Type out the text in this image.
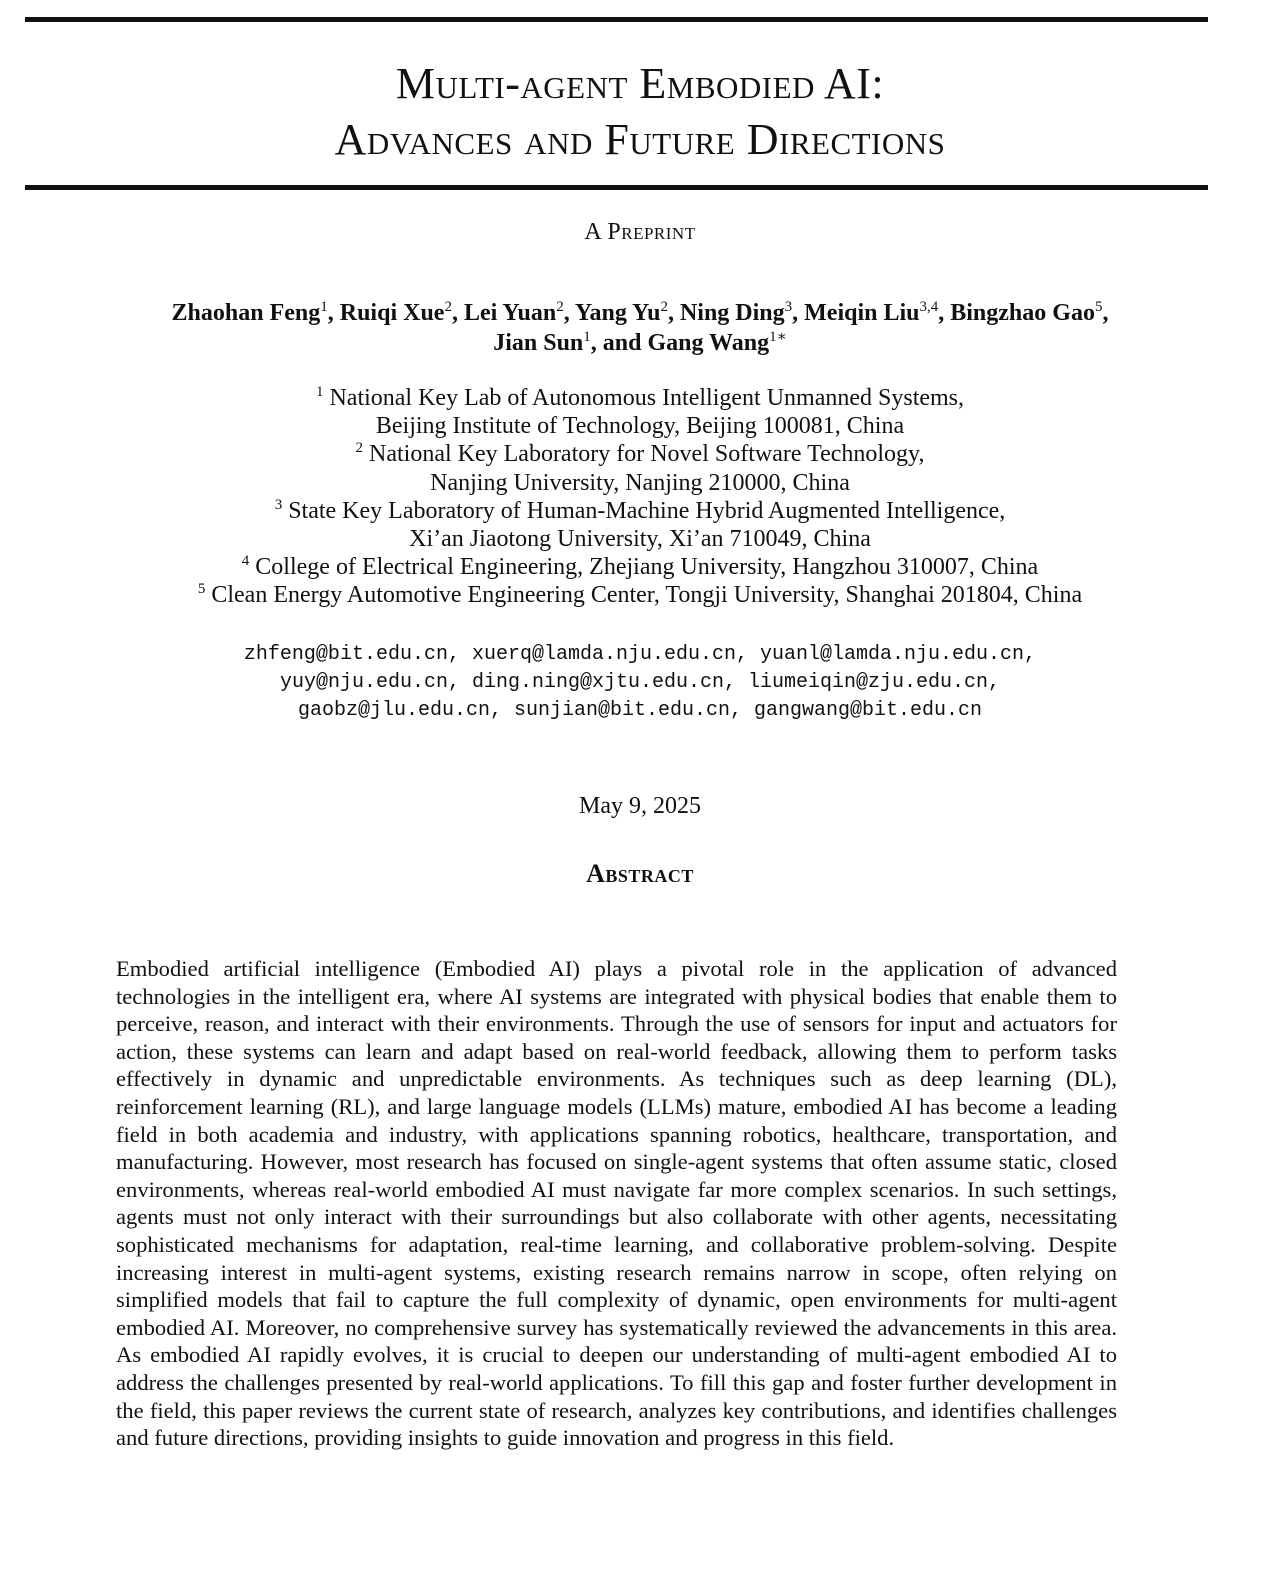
Multi-agent Embodied AI:
Advances and Future Directions
A Preprint
Zhaohan Feng$^1$, Ruiqi Xue$^2$, Lei Yuan$^2$, Yang Yu$^2$, Ning Ding$^3$, Meiqin Liu$^{3,4}$, Bingzhao Gao$^5$,
Jian Sun$^1$, and Gang Wang$^{1∗}$
$^1$ National Key Lab of Autonomous Intelligent Unmanned Systems,
Beijing Institute of Technology, Beijing 100081, China
$^2$ National Key Laboratory for Novel Software Technology,
Nanjing University, Nanjing 210000, China
$^3$ State Key Laboratory of Human-Machine Hybrid Augmented Intelligence,
Xi’an Jiaotong University, Xi’an 710049, China
$^4$ College of Electrical Engineering, Zhejiang University, Hangzhou 310007, China
$^5$ Clean Energy Automotive Engineering Center, Tongji University, Shanghai 201804, China
zhfeng@bit.edu.cn, xuerq@lamda.nju.edu.cn, yuanl@lamda.nju.edu.cn,
yuy@nju.edu.cn, ding.ning@xjtu.edu.cn, liumeiqin@zju.edu.cn,
gaobz@jlu.edu.cn, sunjian@bit.edu.cn, gangwang@bit.edu.cn
May 9, 2025
Abstract

Embodied artificial intelligence (Embodied AI) plays a pivotal role in the application of advanced technologies in the intelligent era, where AI systems are integrated with physical bodies that enable them to perceive, reason, and interact with their environments. Through the use of sensors for input and actuators for action, these systems can learn and adapt based on real-world feedback, allowing them to perform tasks effectively in dynamic and unpredictable environments. As techniques such as deep learning (DL), reinforcement learning (RL), and large language models (LLMs) mature, embodied AI has become a leading field in both academia and industry, with applications spanning robotics, healthcare, transportation, and manufacturing. However, most research has focused on single-agent systems that often assume static, closed environments, whereas real-world embodied AI must navigate far more complex scenarios. In such settings, agents must not only interact with their surroundings but also collaborate with other agents, necessitating sophisticated mechanisms for adaptation, real-time learning, and collaborative problem-solving. Despite increasing interest in multi-agent systems, existing research remains narrow in scope, often relying on simplified models that fail to capture the full complexity of dynamic, open environments for multi-agent embodied AI. Moreover, no comprehensive survey has systematically reviewed the advancements in this area. As embodied AI rapidly evolves, it is crucial to deepen our understanding of multi-agent embodied AI to address the challenges presented by real-world applications. To fill this gap and foster further development in the field, this paper reviews the current state of research, analyzes key contributions, and identifies challenges and future directions, providing insights to guide innovation and progress in this field.
